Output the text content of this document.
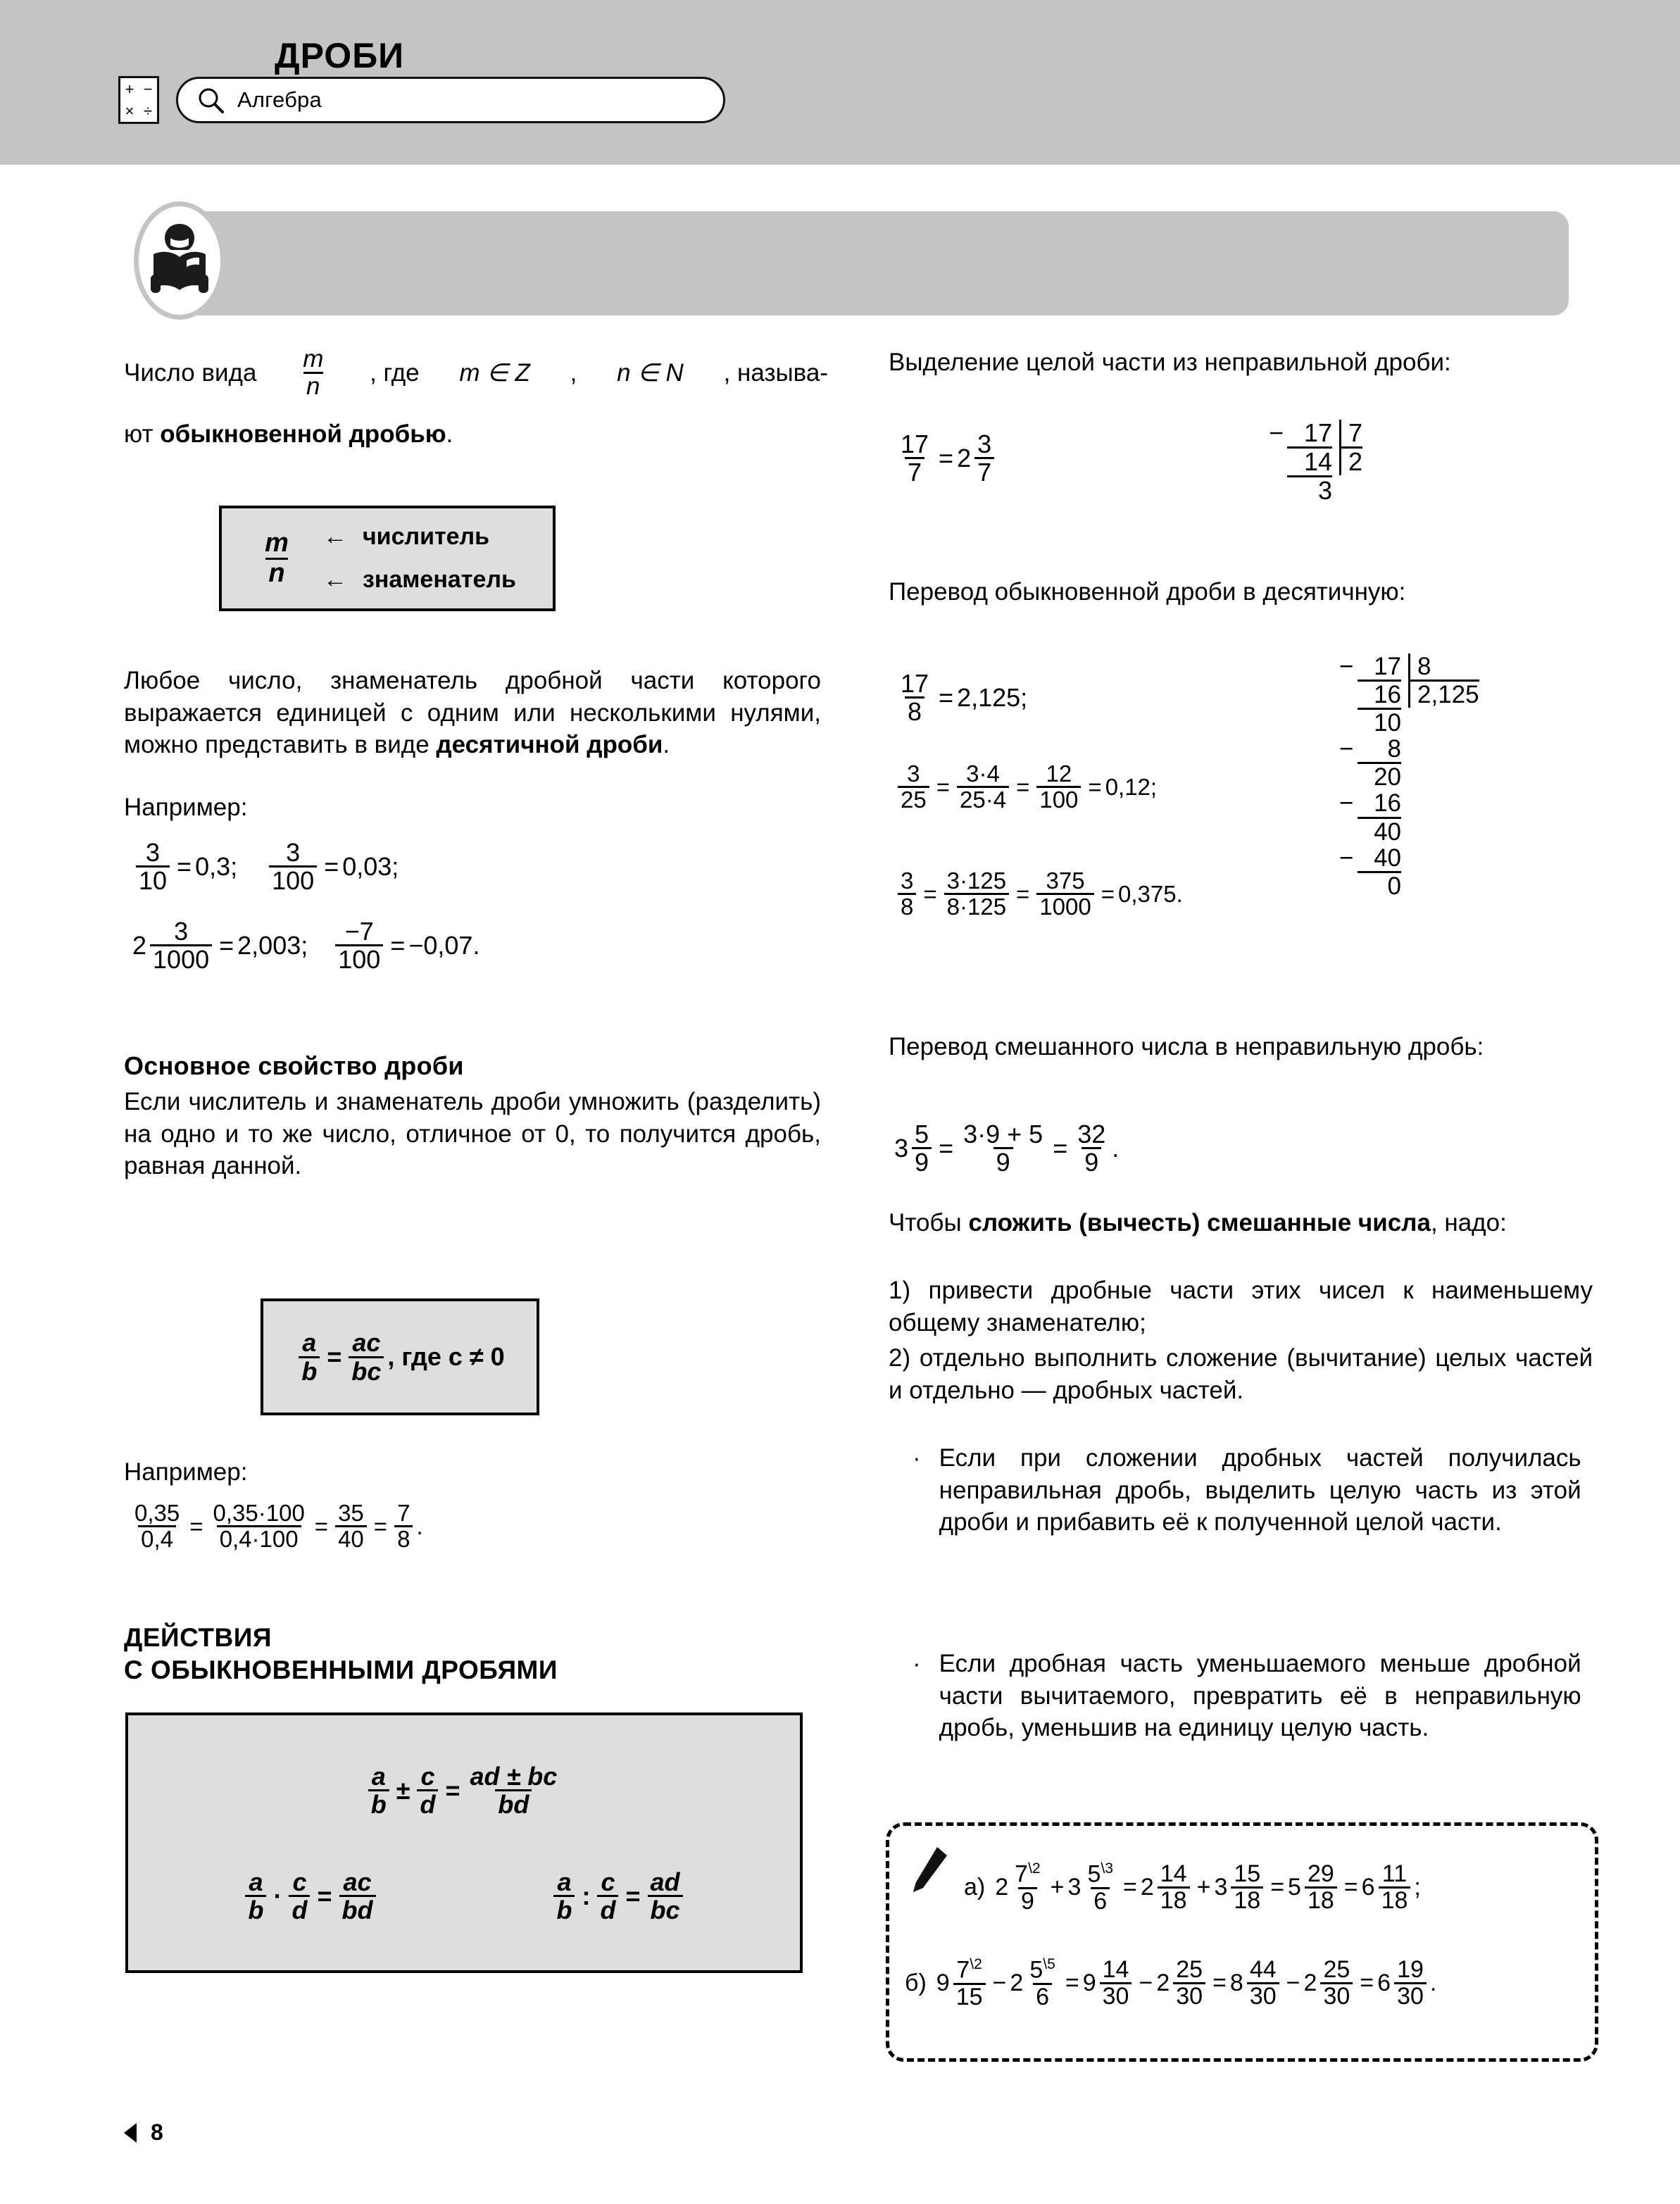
+ −
× ÷	Алгебра
ДРОБИ
Число вида $\frac{m}{n}$ , где m ∈ Z , n ∈ N , называ-

ют обыкновенной дробью.

$\frac{m}{n}$ ← числитель
← знаменатель

Любое число, знаменатель дробной части которого выражается единицей с одним или несколькими нулями, можно представить в виде десятичной дроби.

Например:

$\frac{3}{10} = 0,3$; $\frac{3}{100} = 0,03$;
$2 \frac{3}{1000} = 2,003$; $\frac{-7}{100} = -0,07$.
Основное свойство дроби

Если числитель и знаменатель дроби умножить (разделить) на одно и то же число, отличное от 0, то получится дробь, равная данной.

$\frac{a}{b} = \frac{ac}{bc}$ , где c ≠ 0

Например:

$\frac{0,35}{0,4} = \frac{0,35\cdot 100}{0,4\cdot 100} = \frac{35}{40} = \frac{7}{8}$ .
ДЕЙСТВИЯ
С ОБЫКНОВЕННЫМИ ДРОБЯМИ
$\frac{a}{b} \pm \frac{c}{d} = \frac{ad \pm bc}{bd}$
$\frac{a}{b} \cdot \frac{c}{d} = \frac{ac}{bd}$	$\frac{a}{b}$ : $\frac{c}{d} = \frac{ad}{bc}$

Выделение целой части из неправильной дроби:

$\frac{17}{7} = 2 \frac{3}{7}$	− 17 7
14 2
3

Перевод обыкновенной дроби в десятичную:

$\frac{17}{8} = 2,125$;
$\frac{3}{25} = \frac{3\cdot 4}{25\cdot 4} = \frac{12}{100} = 0,12$;
$\frac{3}{8} = \frac{3\cdot 125}{8\cdot 125} = \frac{375}{1000} = 0,375$.
− 17 8
16 2,125
10
−	8
20
− 16
40
− 40
0

Перевод смешанного числа в неправильную дробь:

$3 \frac{5}{9} = \frac{3\cdot 9 + 5}{9} = \frac{32}{9}$ .

Чтобы сложить (вычесть) смешанные числа, надо:

1) привести дробные части этих чисел к наименьшему общему знаменателю;

2) отдельно выполнить сложение (вычитание) целых частей и отдельно — дробных частей.

· Если при сложении дробных частей получилась неправильная дробь, выделить целую часть из этой дроби и прибавить её к полученной целой части.

· Если дробная часть уменьшаемого меньше дробной части вычитаемого, превратить её в неправильную дробь, уменьшив на единицу целую часть.

а) $2 \frac{7^{\backslash 2}}{9} + 3 \frac{5^{\backslash 3}}{6} = 2 \frac{14}{18} + 3 \frac{15}{18} = 5 \frac{29}{18} = 6 \frac{11}{18}$ ;
б) $9 \frac{7^{\backslash 2}}{15} - 2 \frac{5^{\backslash 5}}{6} = 9 \frac{14}{30} - 2 \frac{25}{30} = 8 \frac{44}{30} - 2 \frac{25}{30} = 6 \frac{19}{30}$ .
8
